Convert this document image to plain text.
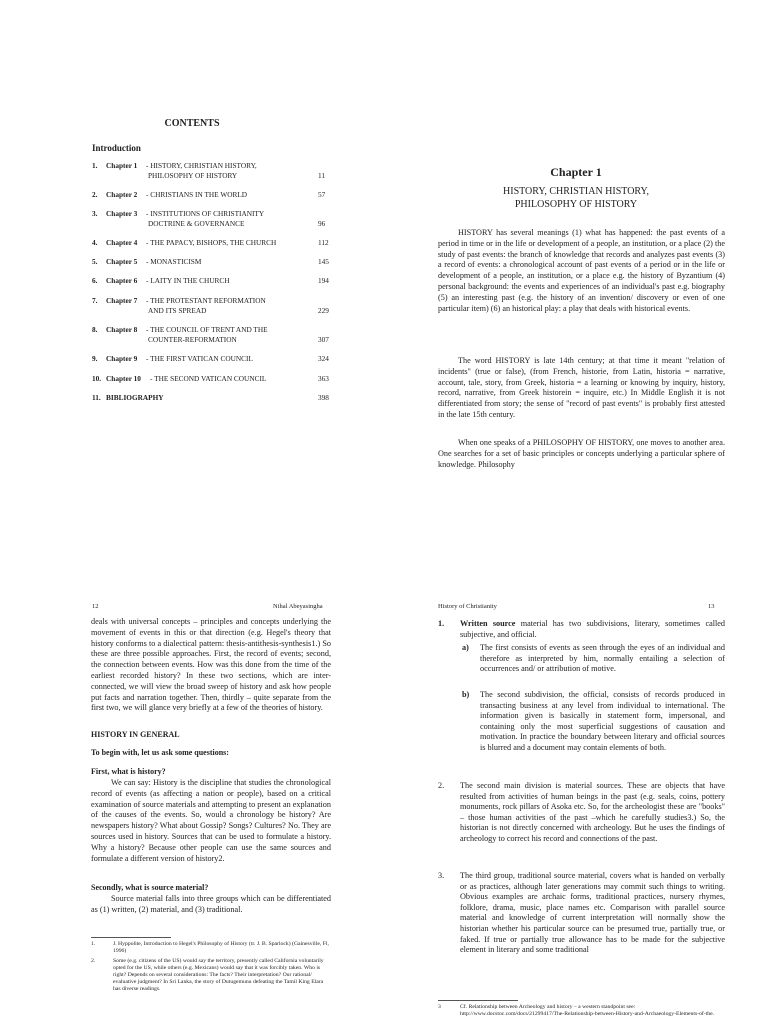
CONTENTS
Introduction
1. Chapter 1 - HISTORY, CHRISTIAN HISTORY,
PHILOSOPHY OF HISTORY	11
2. Chapter 2 - CHRISTIANS IN THE WORLD	57
3. Chapter 3 - INSTITUTIONS OF CHRISTIANITY
DOCTRINE & GOVERNANCE	96
4. Chapter 4 - THE PAPACY, BISHOPS, THE CHURCH	112
5. Chapter 5 - MONASTICISM	145
6. Chapter 6 - LAITY IN THE CHURCH	194
7. Chapter 7 - THE PROTESTANT REFORMATION
AND ITS SPREAD	229
8. Chapter 8 - THE COUNCIL OF TRENT AND THE
COUNTER-REFORMATION	307
9. Chapter 9 - THE FIRST VATICAN COUNCIL	324
10. Chapter 10 - THE SECOND VATICAN COUNCIL	363
11. BIBLIOGRAPHY	398
Chapter 1
HISTORY, CHRISTIAN HISTORY,
PHILOSOPHY OF HISTORY
HISTORY has several meanings (1) what has happened: the past events of a period in time or in the life or development of a people, an institution, or a place (2) the study of past events: the branch of knowledge that records and analyzes past events (3) a record of events: a chronological account of past events of a period or in the life or development of a people, an institution, or a place e.g. the history of Byzantium (4) personal background: the events and experiences of an individual's past e.g. biography (5) an interesting past (e.g. the history of an invention/ discovery or even of one particular item) (6) an historical play: a play that deals with historical events.
The word HISTORY is late 14th century; at that time it meant "relation of incidents" (true or false), (from French, historie, from Latin, historia = narrative, account, tale, story, from Greek, historia = a learning or knowing by inquiry, history, record, narrative, from Greek historein = inquire, etc.) In Middle English it is not differentiated from story; the sense of "record of past events" is probably first attested in the late 15th century.
When one speaks of a PHILOSOPHY OF HISTORY, one moves to another area. One searches for a set of basic principles or concepts underlying a particular sphere of knowledge. Philosophy
12	Nihal Abeyasingha
deals with universal concepts – principles and concepts underlying the movement of events in this or that direction (e.g. Hegel's theory that history conforms to a dialectical pattern: thesis-antithesis-synthesis1.) So these are three possible approaches. First, the record of events; second, the connection between events. How was this done from the time of the earliest recorded history? In these two sections, which are inter-connected, we will view the broad sweep of history and ask how people put facts and narration together. Then, thirdly – quite separate from the first two, we will glance very briefly at a few of the theories of history.
HISTORY IN GENERAL
To begin with, let us ask some questions:
First, what is history?
We can say: History is the discipline that studies the chronological record of events (as affecting a nation or people), based on a critical examination of source materials and attempting to present an explanation of the causes of the events. So, would a chronology be history? Are newspapers history? What about Gossip? Songs? Cultures? No. They are sources used in history. Sources that can be used to formulate a history. Why a history? Because other people can use the same sources and formulate a different version of history2.
Secondly, what is source material?
Source material falls into three groups which can be differentiated as (1) written, (2) material, and (3) traditional.
1.	J. Hyppolite, Introduction to Hegel's Philosophy of History (tr. J. B. Sparlock) (Gainesville, Fl, 1996)
2.	Some (e.g. citizens of the US) would say the territory, presently called California voluntarily opted for the US, while others (e.g. Mexicans) would say that it was forcibly taken. Who is right? Depends on several considerations: The facts? Their interpretation? Our rational/ evaluative judgment? In Sri Lanka, the story of Dutugemunu defeating the Tamil King Elara has diverse readings.
History of Christianity	13
1. Written source material has two subdivisions, literary, sometimes called subjective, and official.
a) The first consists of events as seen through the eyes of an individual and therefore as interpreted by him, normally entailing a selection of occurrences and/ or attribution of motive.
b) The second subdivision, the official, consists of records produced in transacting business at any level from individual to international. The information given is basically in statement form, impersonal, and containing only the most superficial suggestions of causation and motivation. In practice the boundary between literary and official sources is blurred and a document may contain elements of both.
2. The second main division is material sources. These are objects that have resulted from activities of human beings in the past (e.g. seals, coins, pottery monuments, rock pillars of Asoka etc. So, for the archeologist these are "books" – those human activities of the past –which he carefully studies3.) So, the historian is not directly concerned with archeology. But he uses the findings of archeology to correct his record and connections of the past.
3. The third group, traditional source material, covers what is handed on verbally or as practices, although later generations may commit such things to writing. Obvious examples are archaic forms, traditional practices, nursery rhymes, folklore, drama, music, place names etc. Comparison with parallel source material and knowledge of current interpretation will normally show the historian whether his particular source can be presumed true, partially true, or faked. If true or partially true allowance has to be made for the subjective element in literary and some traditional
3	Cf. Relationship between Archeology and history – a western standpoint see: http://www.docstoc.com/docs/21299417/The-Relationship-between-History-and-Archaeology-Elements-of-the.
